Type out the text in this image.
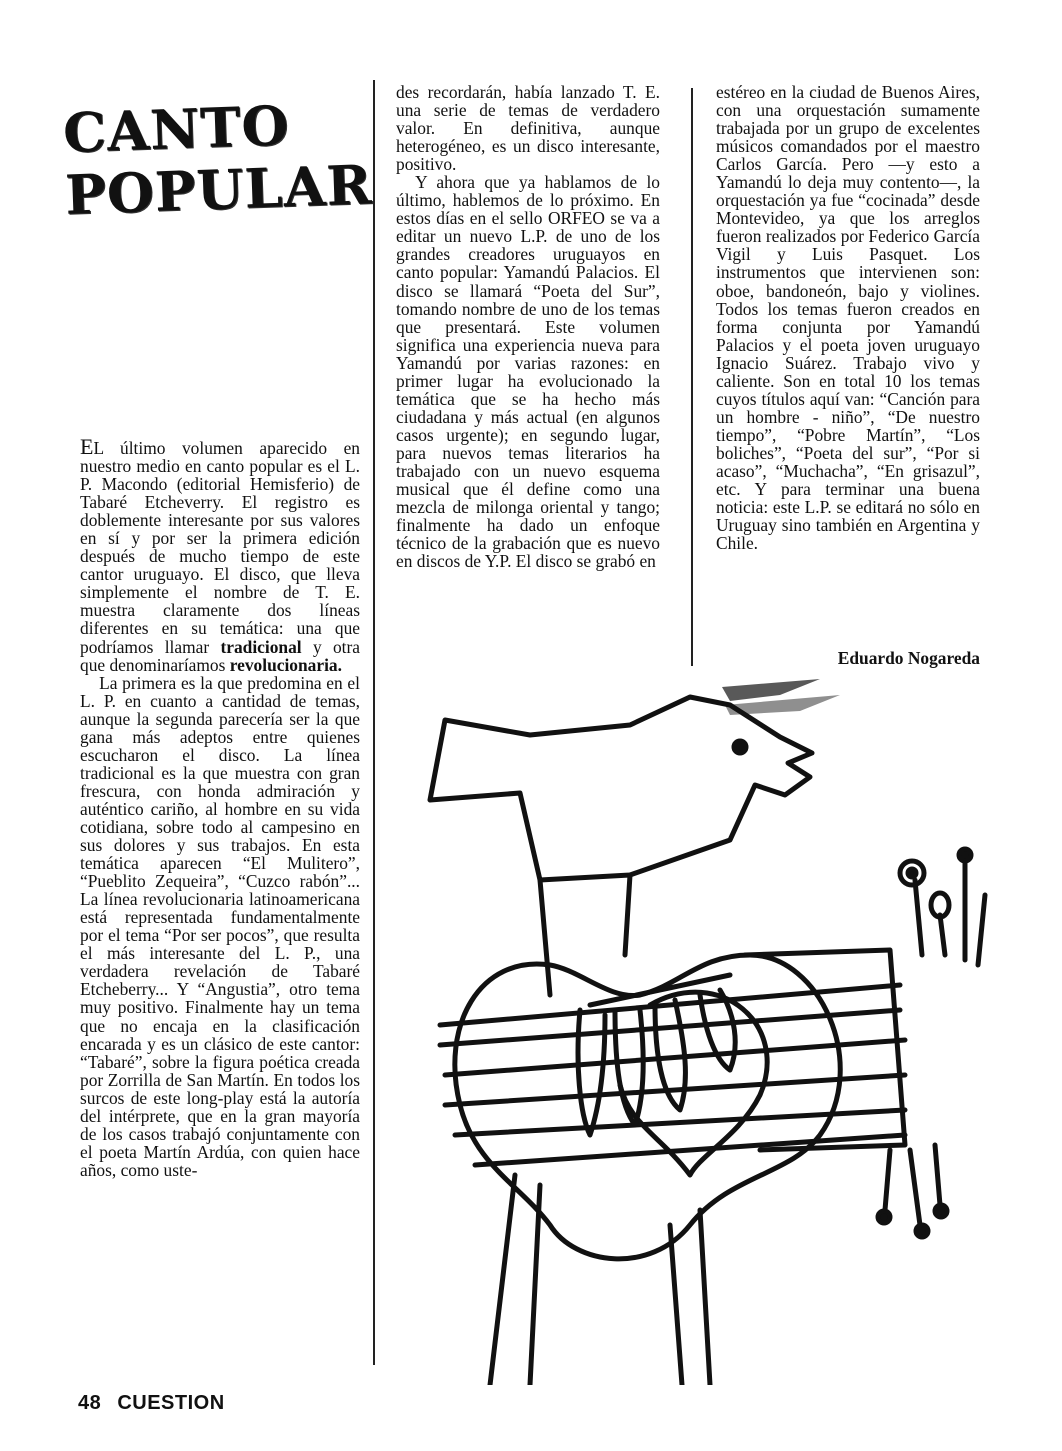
CANTO
POPULAR

EL último volumen aparecido en nuestro medio en canto popular es el L. P. Macondo (editorial Hemisferio) de Tabaré Etcheverry. El registro es doblemente interesante por sus valores en sí y por ser la primera edición después de mucho tiempo de este cantor uruguayo. El disco, que lleva simplemente el nombre de T. E. muestra claramente dos líneas diferentes en su temática: una que podríamos llamar tradicional y otra que denominaríamos revolucionaria.

La primera es la que predomina en el L. P. en cuanto a cantidad de temas, aunque la segunda parecería ser la que gana más adeptos entre quienes escucharon el disco. La línea tradicional es la que muestra con gran frescura, con honda admiración y auténtico cariño, al hombre en su vida cotidiana, sobre todo al campesino en sus dolores y sus trabajos. En esta temática aparecen “El Mulitero”, “Pueblito Zequeira”, “Cuzco rabón”... La línea revolucionaria latinoamericana está representada fundamentalmente por el tema “Por ser pocos”, que resulta el más interesante del L. P., una verdadera revelación de Tabaré Etcheberry... Y “Angustia”, otro tema muy positivo. Finalmente hay un tema que no encaja en la clasificación encarada y es un clásico de este cantor: “Tabaré”, sobre la figura poética creada por Zorrilla de San Martín. En todos los surcos de este long-play está la autoría del intérprete, que en la gran mayoría de los casos trabajó conjuntamente con el poeta Martín Ardúa, con quien hace años, como uste-

des recordarán, había lanzado T. E. una serie de temas de verdadero valor. En definitiva, aunque heterogéneo, es un disco interesante, positivo.

Y ahora que ya hablamos de lo último, hablemos de lo próximo. En estos días en el sello ORFEO se va a editar un nuevo L.P. de uno de los grandes creadores uruguayos en canto popular: Yamandú Palacios. El disco se llamará “Poeta del Sur”, tomando nombre de uno de los temas que presentará. Este volumen significa una experiencia nueva para Yamandú por varias razones: en primer lugar ha evolucionado la temática que se ha hecho más ciudadana y más actual (en algunos casos urgente); en segundo lugar, para nuevos temas literarios ha trabajado con un nuevo esquema musical que él define como una mezcla de milonga oriental y tango; finalmente ha dado un enfoque técnico de la grabación que es nuevo en discos de Y.P. El disco se grabó en

estéreo en la ciudad de Buenos Aires, con una orquestación sumamente trabajada por un grupo de excelentes músicos comandados por el maestro Carlos García. Pero —y esto a Yamandú lo deja muy contento—, la orquestación ya fue “cocinada” desde Montevideo, ya que los arreglos fueron realizados por Federico García Vigil y Luis Pasquet. Los instrumentos que intervienen son: oboe, bandoneón, bajo y violines. Todos los temas fueron creados en forma conjunta por Yamandú Palacios y el poeta joven uruguayo Ignacio Suárez. Trabajo vivo y caliente. Son en total 10 los temas cuyos títulos aquí van: “Canción para un hombre - niño”, “De nuestro tiempo”, “Pobre Martín”, “Los boliches”, “Poeta del sur”, “Por si acaso”, “Muchacha”, “En grisazul”, etc. Y para terminar una buena noticia: este L.P. se editará no sólo en Uruguay sino también en Argentina y Chile.

Eduardo Nogareda
48 CUESTION
